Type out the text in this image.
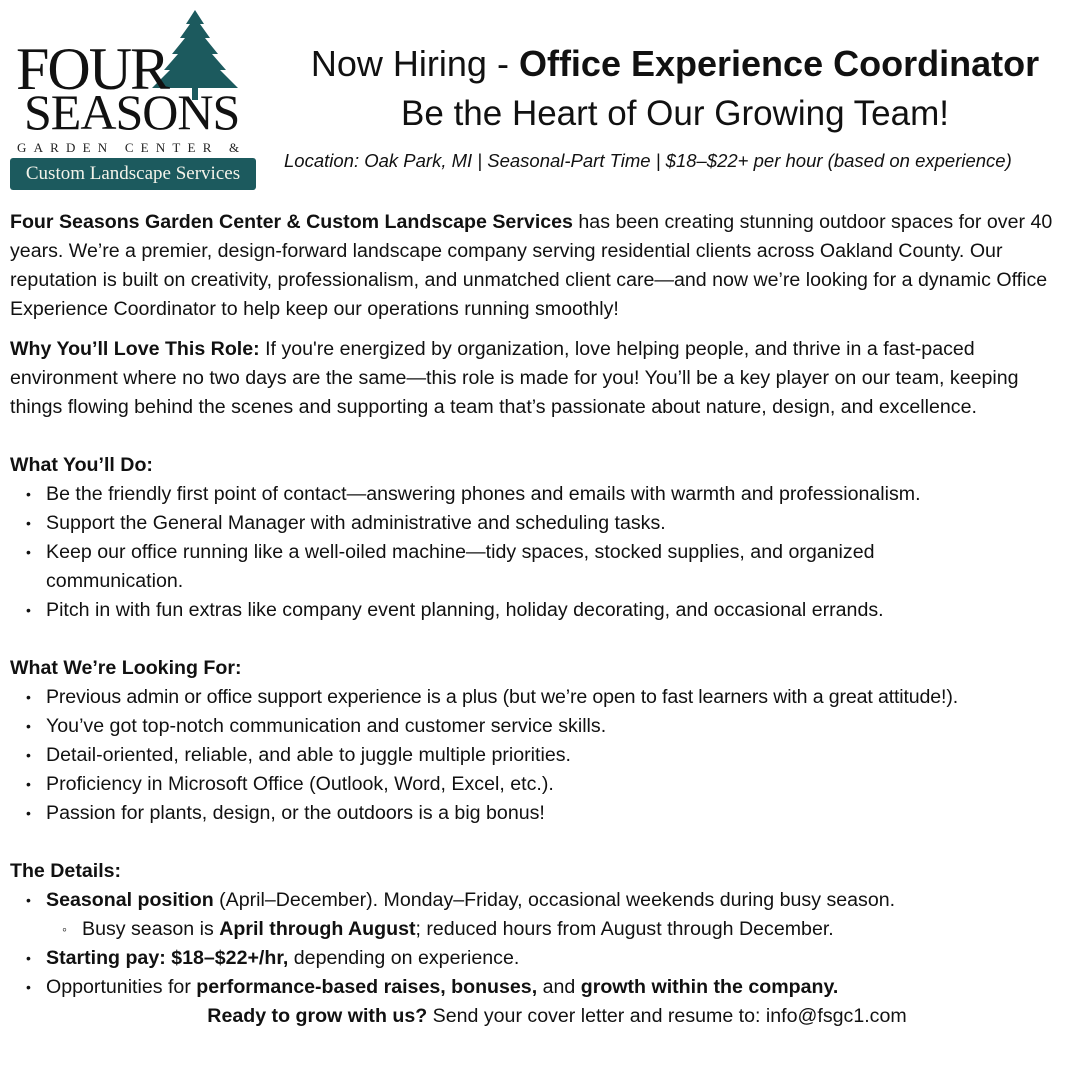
FOUR
SEASONS
GARDEN CENTER &
Custom Landscape Services
Now Hiring - Office Experience Coordinator
Be the Heart of Our Growing Team!
Location: Oak Park, MI | Seasonal-Part Time | $18–$22+ per hour (based on experience)

Four Seasons Garden Center & Custom Landscape Services has been creating stunning outdoor spaces for over 40 years. We’re a premier, design-forward landscape company serving residential clients across Oakland County. Our reputation is built on creativity, professionalism, and unmatched client care—and now we’re looking for a dynamic Office Experience Coordinator to help keep our operations running smoothly!

Why You’ll Love This Role: If you're energized by organization, love helping people, and thrive in a fast-paced environment where no two days are the same—this role is made for you! You’ll be a key player on our team, keeping things flowing behind the scenes and supporting a team that’s passionate about nature, design, and excellence.

What You’ll Do:

• Be the friendly first point of contact—answering phones and emails with warmth and professionalism.
• Support the General Manager with administrative and scheduling tasks.
• Keep our office running like a well-oiled machine—tidy spaces, stocked supplies, and organized communication.
• Pitch in with fun extras like company event planning, holiday decorating, and occasional errands.

What We’re Looking For:

• Previous admin or office support experience is a plus (but we’re open to fast learners with a great attitude!).
• You’ve got top-notch communication and customer service skills.
• Detail-oriented, reliable, and able to juggle multiple priorities.
• Proficiency in Microsoft Office (Outlook, Word, Excel, etc.).
• Passion for plants, design, or the outdoors is a big bonus!

The Details:

• Seasonal position (April–December). Monday–Friday, occasional weekends during busy season.
◦ Busy season is April through August; reduced hours from August through December.
• Starting pay: $18–$22+/hr, depending on experience.
• Opportunities for performance-based raises, bonuses, and growth within the company.

Ready to grow with us? Send your cover letter and resume to: info@fsgc1.com
